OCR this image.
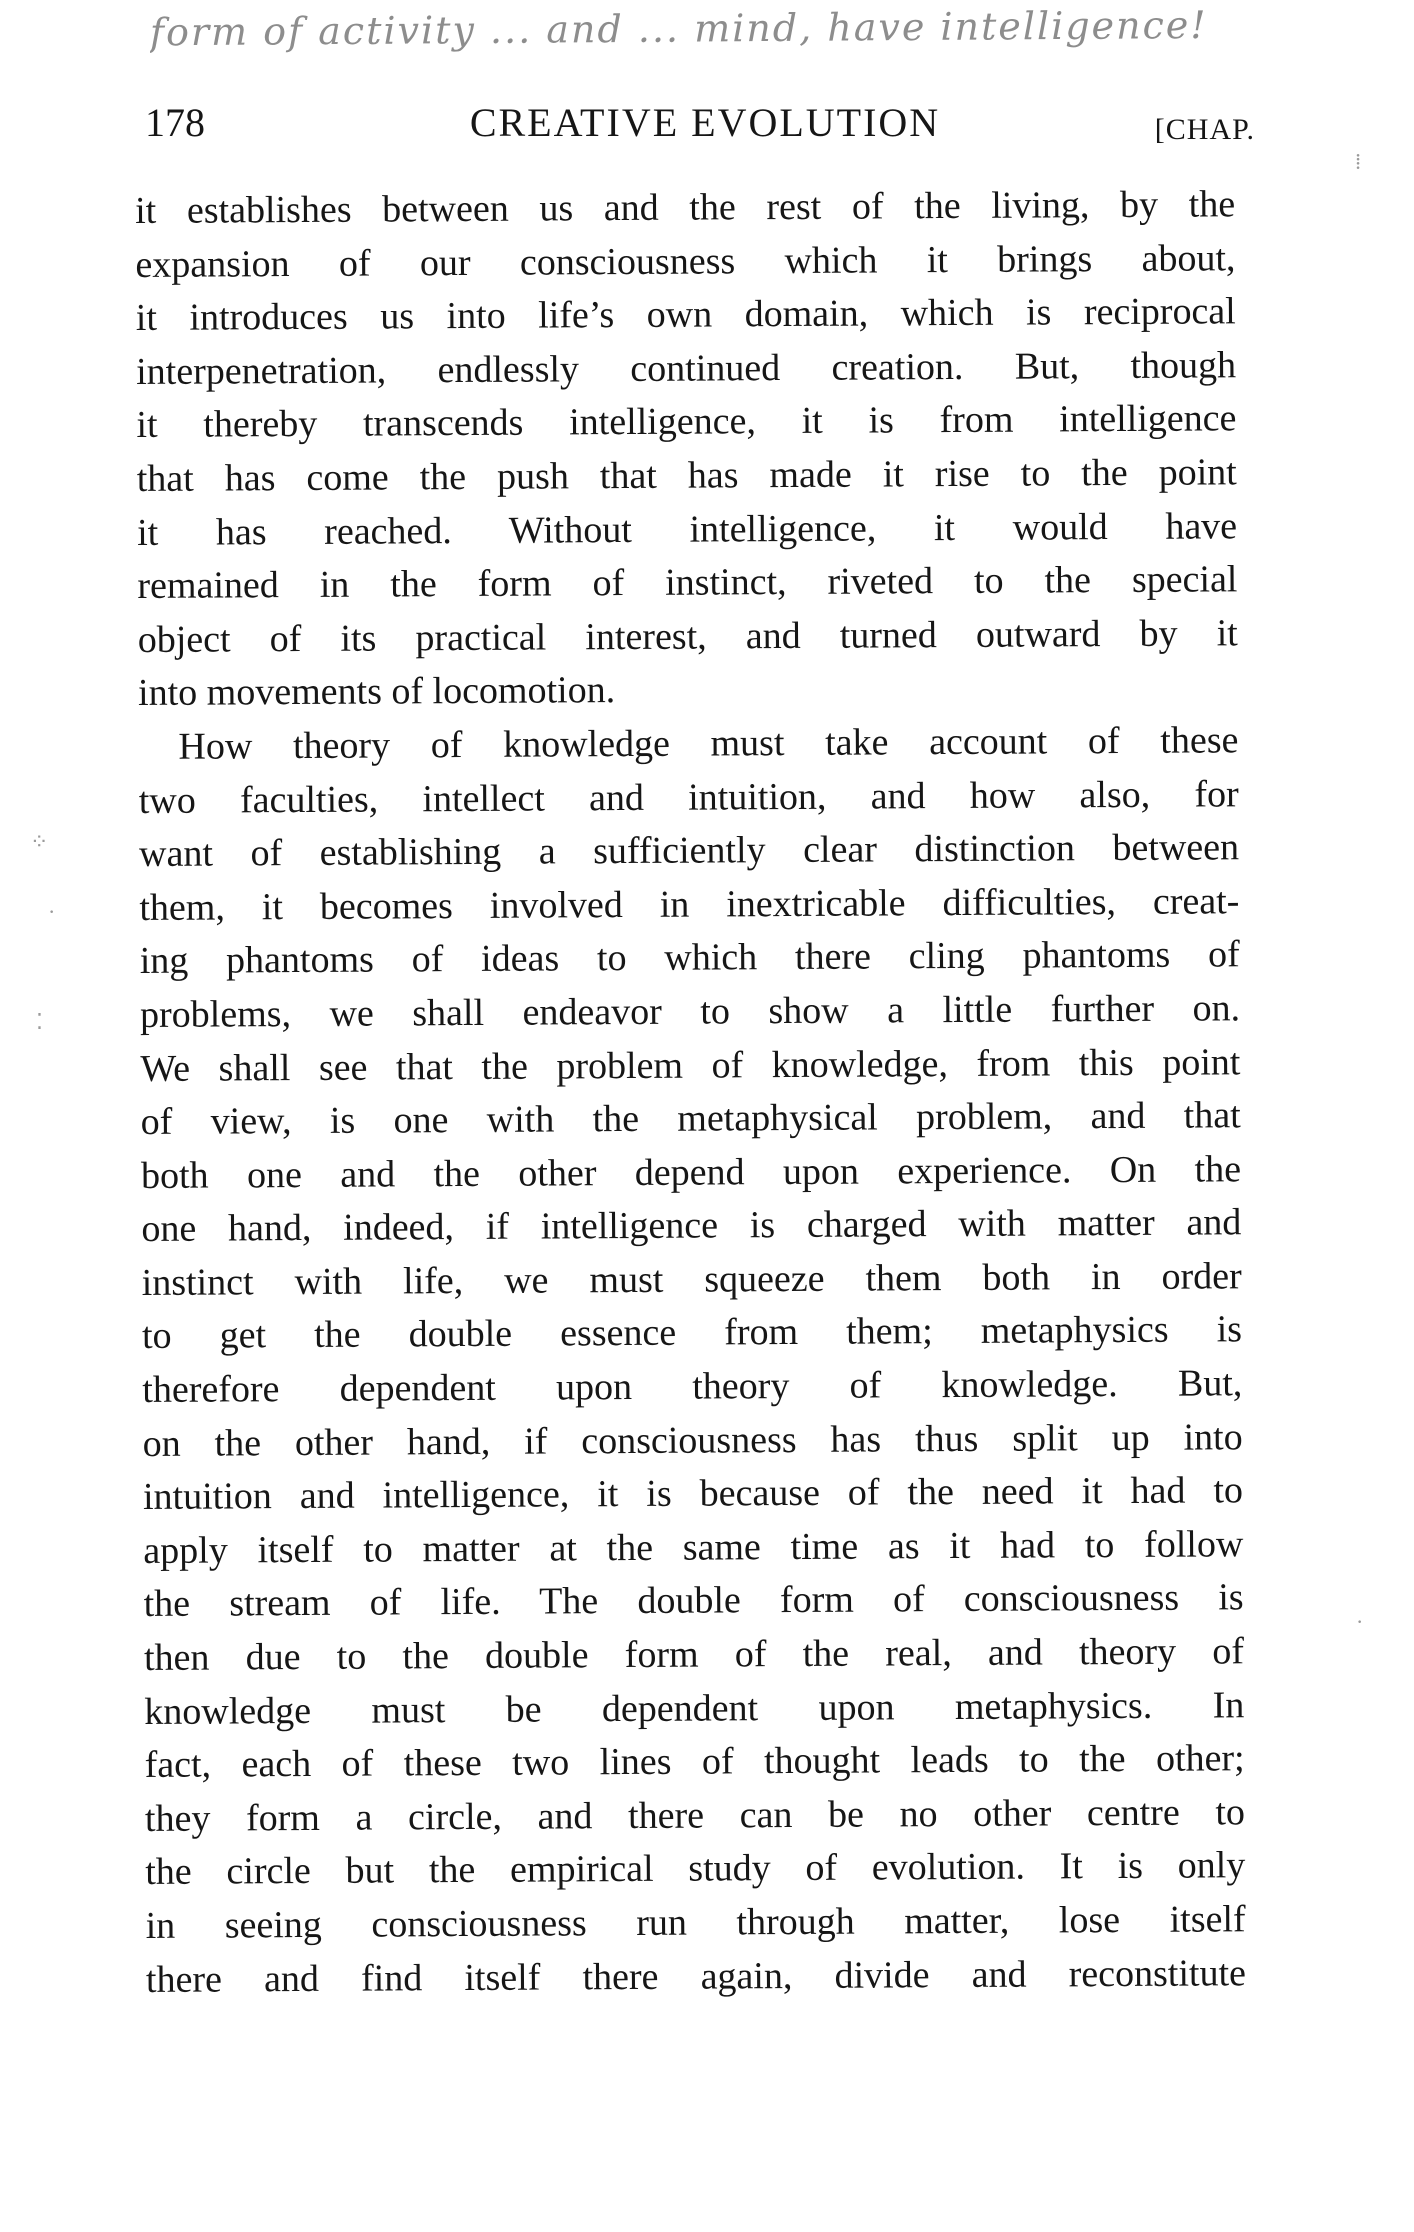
form of activity ... and ... mind, have intelligence!
178	CREATIVE EVOLUTION	[CHAP.

it establishes between us and the rest of the living, by the
expansion of our consciousness which it brings about,
it introduces us into life’s own domain, which is reciprocal
interpenetration, endlessly continued creation. But, though
it thereby transcends intelligence, it is from intelligence
that has come the push that has made it rise to the point
it has reached. Without intelligence, it would have
remained in the form of instinct, riveted to the special
object of its practical interest, and turned outward by it
into movements of locomotion.

How theory of knowledge must take account of these
two faculties, intellect and intuition, and how also, for
want of establishing a sufficiently clear distinction between
them, it becomes involved in inextricable difficulties, creat-
ing phantoms of ideas to which there cling phantoms of
problems, we shall endeavor to show a little further on.
We shall see that the problem of knowledge, from this point
of view, is one with the metaphysical problem, and that
both one and the other depend upon experience. On the
one hand, indeed, if intelligence is charged with matter and
instinct with life, we must squeeze them both in order
to get the double essence from them; metaphysics is
therefore dependent upon theory of knowledge. But,
on the other hand, if consciousness has thus split up into
intuition and intelligence, it is because of the need it had to
apply itself to matter at the same time as it had to follow
the stream of life. The double form of consciousness is
then due to the double form of the real, and theory of
knowledge must be dependent upon metaphysics. In
fact, each of these two lines of thought leads to the other;
they form a circle, and there can be no other centre to
the circle but the empirical study of evolution. It is only
in seeing consciousness run through matter, lose itself
there and find itself there again, divide and reconstitute

⁘
·
⁚
⁞
·
